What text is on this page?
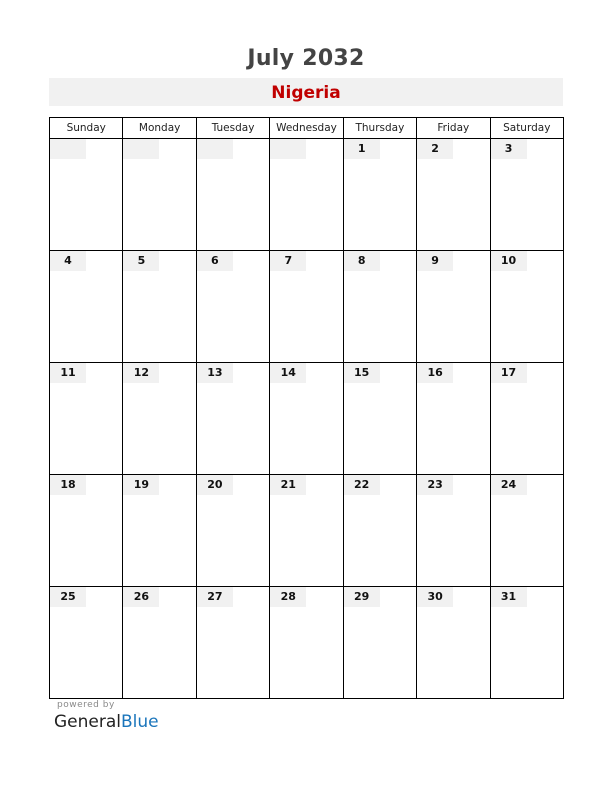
July 2032
Nigeria
Sunday	Monday	Tuesday	Wednesday	Thursday	Friday	Saturday

				1	2	3

4	5	6	7	8	9	10

11	12	13	14	15	16	17

18	19	20	21	22	23	24

25	26	27	28	29	30	31
powered by
GeneralBlue
